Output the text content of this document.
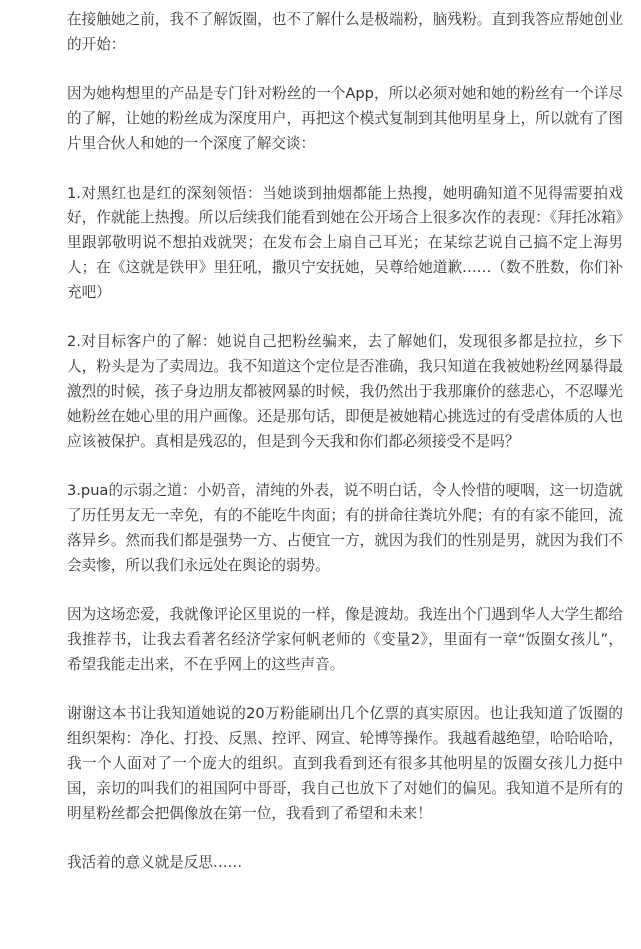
在接触她之前，我不了解饭圈，也不了解什么是极端粉，脑残粉。直到我答应帮她创业的开始：

因为她构想里的产品是专门针对粉丝的一个App，所以必须对她和她的粉丝有一个详尽的了解，让她的粉丝成为深度用户，再把这个模式复制到其他明星身上，所以就有了图片里合伙人和她的一个深度了解交谈：

1.对黑红也是红的深刻领悟：当她谈到抽烟都能上热搜，她明确知道不见得需要拍戏好，作就能上热搜。所以后续我们能看到她在公开场合上很多次作的表现：《拜托冰箱》里跟郭敬明说不想拍戏就哭；在发布会上扇自己耳光；在某综艺说自己搞不定上海男人；在《这就是铁甲》里狂吼，撒贝宁安抚她，吴尊给她道歉……（数不胜数，你们补充吧）

2.对目标客户的了解：她说自己把粉丝骗来，去了解她们，发现很多都是拉拉，乡下人，粉头是为了卖周边。我不知道这个定位是否准确，我只知道在我被她粉丝网暴得最激烈的时候，孩子身边朋友都被网暴的时候，我仍然出于我那廉价的慈悲心，不忍曝光她粉丝在她心里的用户画像。还是那句话，即便是被她精心挑选过的有受虐体质的人也应该被保护。真相是残忍的，但是到今天我和你们都必须接受不是吗？

3.pua的示弱之道：小奶音，清纯的外表，说不明白话，令人怜惜的哽咽，这一切造就了历任男友无一幸免，有的不能吃牛肉面；有的拼命往粪坑外爬；有的有家不能回，流落异乡。然而我们都是强势一方、占便宜一方，就因为我们的性别是男，就因为我们不会卖惨，所以我们永远处在舆论的弱势。

因为这场恋爱，我就像评论区里说的一样，像是渡劫。我连出个门遇到华人大学生都给我推荐书，让我去看著名经济学家何帆老师的《变量2》，里面有一章“饭圈女孩儿”，希望我能走出来，不在乎网上的这些声音。

谢谢这本书让我知道她说的20万粉能刷出几个亿票的真实原因。也让我知道了饭圈的组织架构：净化、打投、反黑、控评、网宣、轮博等操作。我越看越绝望，哈哈哈哈，我一个人面对了一个庞大的组织。直到我看到还有很多其他明星的饭圈女孩儿力挺中国，亲切的叫我们的祖国阿中哥哥，我自己也放下了对她们的偏见。我知道不是所有的明星粉丝都会把偶像放在第一位，我看到了希望和未来！

我活着的意义就是反思……
